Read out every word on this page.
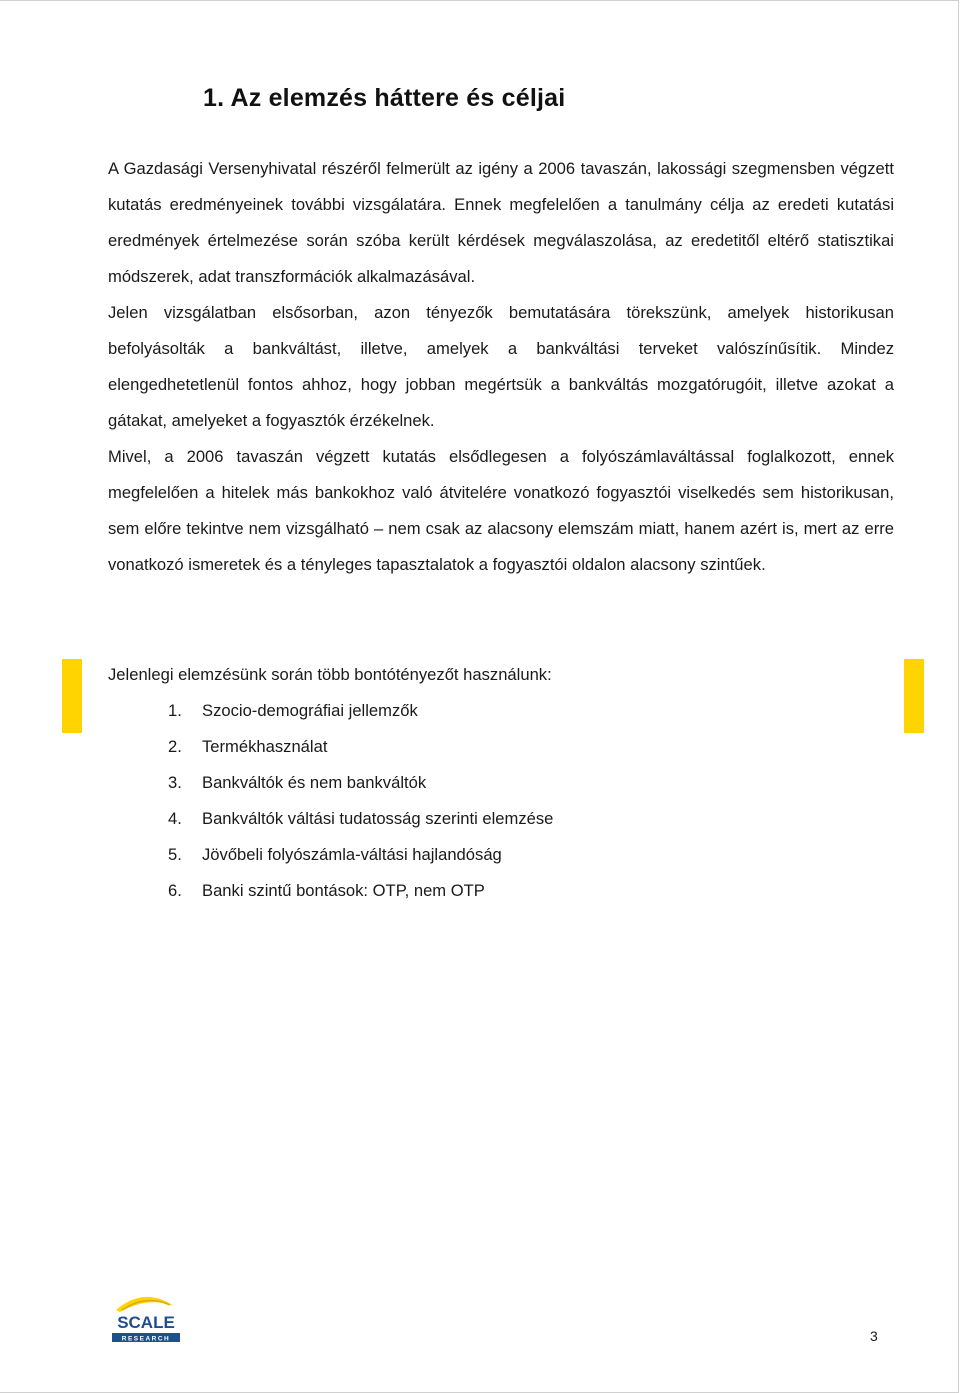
1. Az elemzés háttere és céljai

A Gazdasági Versenyhivatal részéről felmerült az igény a 2006 tavaszán, lakossági szegmensben végzett kutatás eredményeinek további vizsgálatára. Ennek megfelelően a tanulmány célja az eredeti kutatási eredmények értelmezése során szóba került kérdések megválaszolása, az eredetitől eltérő statisztikai módszerek, adat transzformációk alkalmazásával.

Jelen vizsgálatban elsősorban, azon tényezők bemutatására törekszünk, amelyek historikusan befolyásolták a bankváltást, illetve, amelyek a bankváltási terveket valószínűsítik. Mindez elengedhetetlenül fontos ahhoz, hogy jobban megértsük a bankváltás mozgatórugóit, illetve azokat a gátakat, amelyeket a fogyasztók érzékelnek.

Mivel, a 2006 tavaszán végzett kutatás elsődlegesen a folyószámlaváltással foglalkozott, ennek megfelelően a hitelek más bankokhoz való átvitelére vonatkozó fogyasztói viselkedés sem historikusan, sem előre tekintve nem vizsgálható – nem csak az alacsony elemszám miatt, hanem azért is, mert az erre vonatkozó ismeretek és a tényleges tapasztalatok a fogyasztói oldalon alacsony szintűek.

Jelenlegi elemzésünk során több bontótényezőt használunk:

1. Szocio-demográfiai jellemzők
2. Termékhasználat
3. Bankváltók és nem bankváltók
4. Bankváltók váltási tudatosság szerinti elemzése
5. Jövőbeli folyószámla-váltási hajlandóság
6. Banki szintű bontások: OTP, nem OTP
SCALE
RESEARCH	3
